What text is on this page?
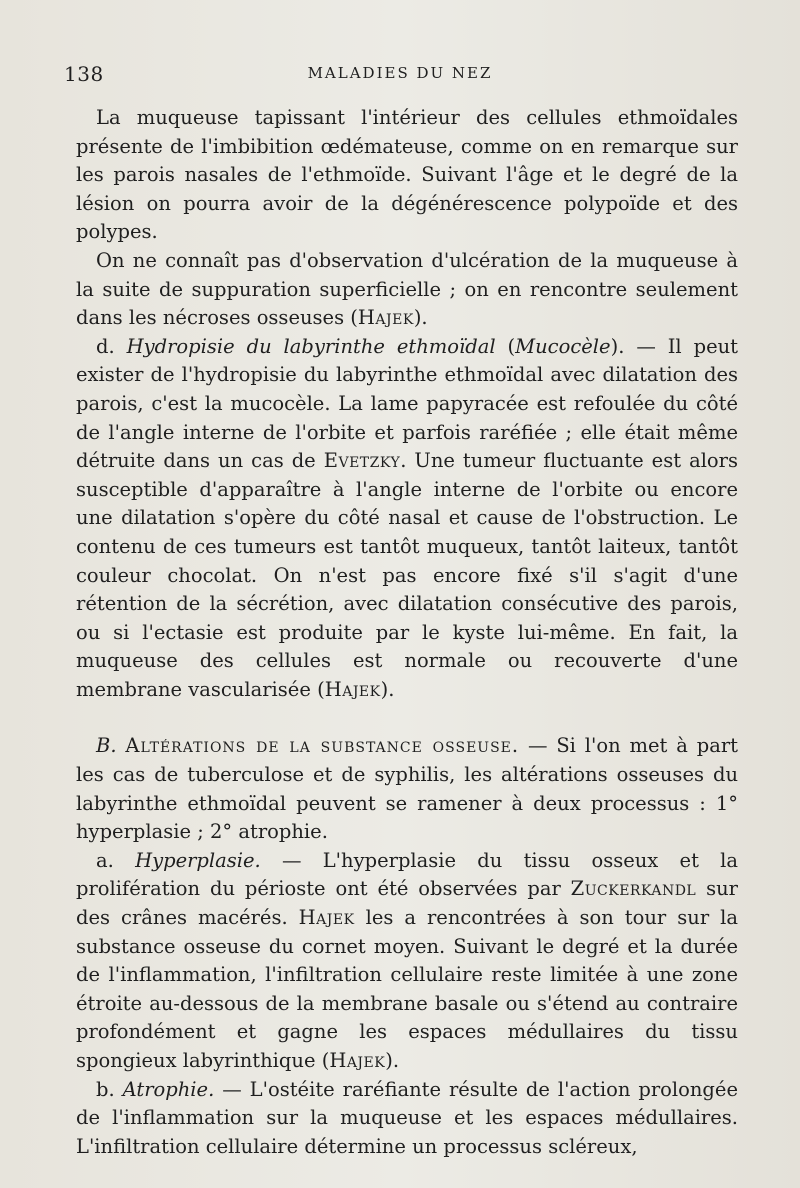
138	MALADIES DU NEZ

La muqueuse tapissant l'intérieur des cellules ethmoïdales présente de l'imbibition œdémateuse, comme on en remarque sur les parois nasales de l'ethmoïde. Suivant l'âge et le degré de la lésion on pourra avoir de la dégénérescence polypoïde et des polypes.

On ne connaît pas d'observation d'ulcération de la muqueuse à la suite de suppuration superficielle ; on en rencontre seulement dans les nécroses osseuses (Hajek).

d. Hydropisie du labyrinthe ethmoïdal (Mucocèle). — Il peut exister de l'hydropisie du labyrinthe ethmoïdal avec dilatation des parois, c'est la mucocèle. La lame papyracée est refoulée du côté de l'angle interne de l'orbite et parfois raréfiée ; elle était même détruite dans un cas de Evetzky. Une tumeur fluctuante est alors susceptible d'apparaître à l'angle interne de l'orbite ou encore une dilatation s'opère du côté nasal et cause de l'obstruction. Le contenu de ces tumeurs est tantôt muqueux, tantôt laiteux, tantôt couleur chocolat. On n'est pas encore fixé s'il s'agit d'une rétention de la sécrétion, avec dilatation consécutive des parois, ou si l'ectasie est produite par le kyste lui-même. En fait, la muqueuse des cellules est normale ou recouverte d'une membrane vascularisée (Hajek).

B. Altérations de la substance osseuse. — Si l'on met à part les cas de tuberculose et de syphilis, les altérations osseuses du labyrinthe ethmoïdal peuvent se ramener à deux processus : 1° hyperplasie ; 2° atrophie.

a. Hyperplasie. — L'hyperplasie du tissu osseux et la prolifération du périoste ont été observées par Zuckerkandl sur des crânes macérés. Hajek les a rencontrées à son tour sur la substance osseuse du cornet moyen. Suivant le degré et la durée de l'inflammation, l'infiltration cellulaire reste limitée à une zone étroite au-dessous de la membrane basale ou s'étend au contraire profondément et gagne les espaces médullaires du tissu spongieux labyrinthique (Hajek).

b. Atrophie. — L'ostéite raréfiante résulte de l'action prolongée de l'inflammation sur la muqueuse et les espaces médullaires. L'infiltration cellulaire détermine un processus scléreux,
